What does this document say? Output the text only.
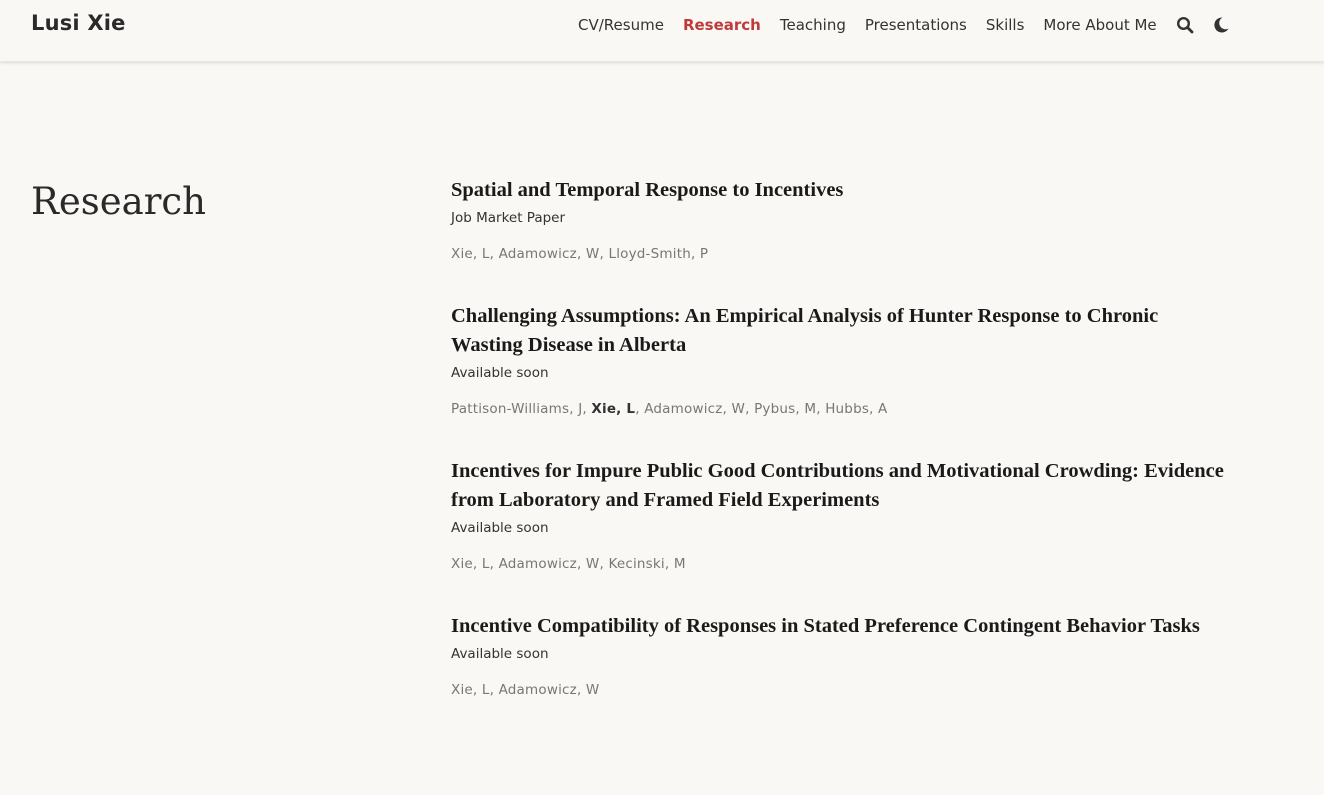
Lusi Xie	CV/Resume Research Teaching Presentations Skills More About Me
Research	Spatial and Temporal Response to Incentives
Job Market Paper
Xie, L, Adamowicz, W, Lloyd-Smith, P
Challenging Assumptions: An Empirical Analysis of Hunter Response to Chronic Wasting Disease in Alberta
Available soon
Pattison-Williams, J, Xie, L, Adamowicz, W, Pybus, M, Hubbs, A
Incentives for Impure Public Good Contributions and Motivational Crowding: Evidence from Laboratory and Framed Field Experiments
Available soon
Xie, L, Adamowicz, W, Kecinski, M
Incentive Compatibility of Responses in Stated Preference Contingent Behavior Tasks
Available soon
Xie, L, Adamowicz, W
